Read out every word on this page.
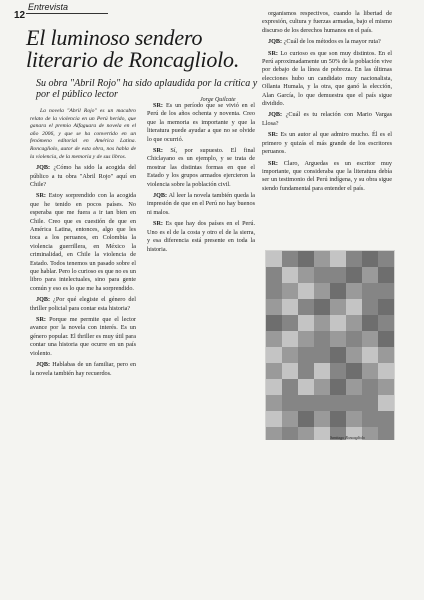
12
Entrevista
El luminoso sendero literario de Roncagliolo.
Su obra "Abril Rojo" ha sido aplaudida por la crítica y por el público lector	Jorge Quilcate

La novela "Abril Rojo" es un macabro relato de la violencia en un Perú herido, que ganara el premio Alfaguara de novela en el año 2006, y que se ha convertido en un fenómeno editorial en América Latina. Roncagliolo, autor de esta obra, nos habla de la violencia, de la memoria y de sus libros.

JQB: ¿Cómo ha sido la acogida del público a tu obra "Abril Rojo" aquí en Chile?

SR: Estoy sorprendido con la acogida que he tenido en pocos países. No esperaba que me fuera a ir tan bien en Chile. Creo que es cuestión de que en América Latina, entonces, algo que les toca a los peruanos, en Colombia la violencia guerrillera, en México la criminalidad, en Chile la violencia de Estado. Todos tenemos un pasado sobre el que hablar. Pero lo curioso es que no es un libro para intelectuales, sino para gente común y eso es lo que me ha sorprendido.

JQB: ¿Por qué elegiste el género del thriller policial para contar esta historia?

SR: Porque me permite que el lector avance por la novela con interés. Es un género popular. El thriller es muy útil para contar una historia que ocurre en un país violento.

JQB: Hablabas de un familiar, pero en la novela también hay recuerdos.

SR: Es un período que se vivió en el Perú de los años ochenta y noventa. Creo que la memoria es importante y que la literatura puede ayudar a que no se olvide lo que ocurrió.

SR: Sí, por supuesto. El final Chiclayano es un ejemplo, y se trata de mostrar las distintas formas en que el Estado y los grupos armados ejercieron la violencia sobre la población civil.

JQB: Al leer la novela también queda la impresión de que en el Perú no hay buenos ni malos.

SR: Es que hay dos países en el Perú. Uno es el de la costa y otro el de la sierra, y esa diferencia está presente en toda la historia.

organismos respectivos, cuando la libertad de expresión, cultura y fuerzas armadas, bajo el mismo discurso de los derechos humanos en el país.

JQB: ¿Cuál de los métodos es la mayor ruta?

SR: Lo curioso es que son muy distintos. En el Perú aproximadamente un 50% de la población vive por debajo de la línea de pobreza. En las últimas elecciones hubo un candidato muy nacionalista, Ollanta Humala, y la otra, que ganó la elección, Alan García, lo que demuestra que el país sigue dividido.

JQB: ¿Cuál es tu relación con Mario Vargas Llosa?

SR: Es un autor al que admiro mucho. Él es el primero y quizás el más grande de los escritores peruanos.

SR: Claro, Arguedas es un escritor muy importante, que consideraba que la literatura debía ser un testimonio del Perú indígena, y su obra sigue siendo fundamental para entender el país.

Santiago Roncagliolo
